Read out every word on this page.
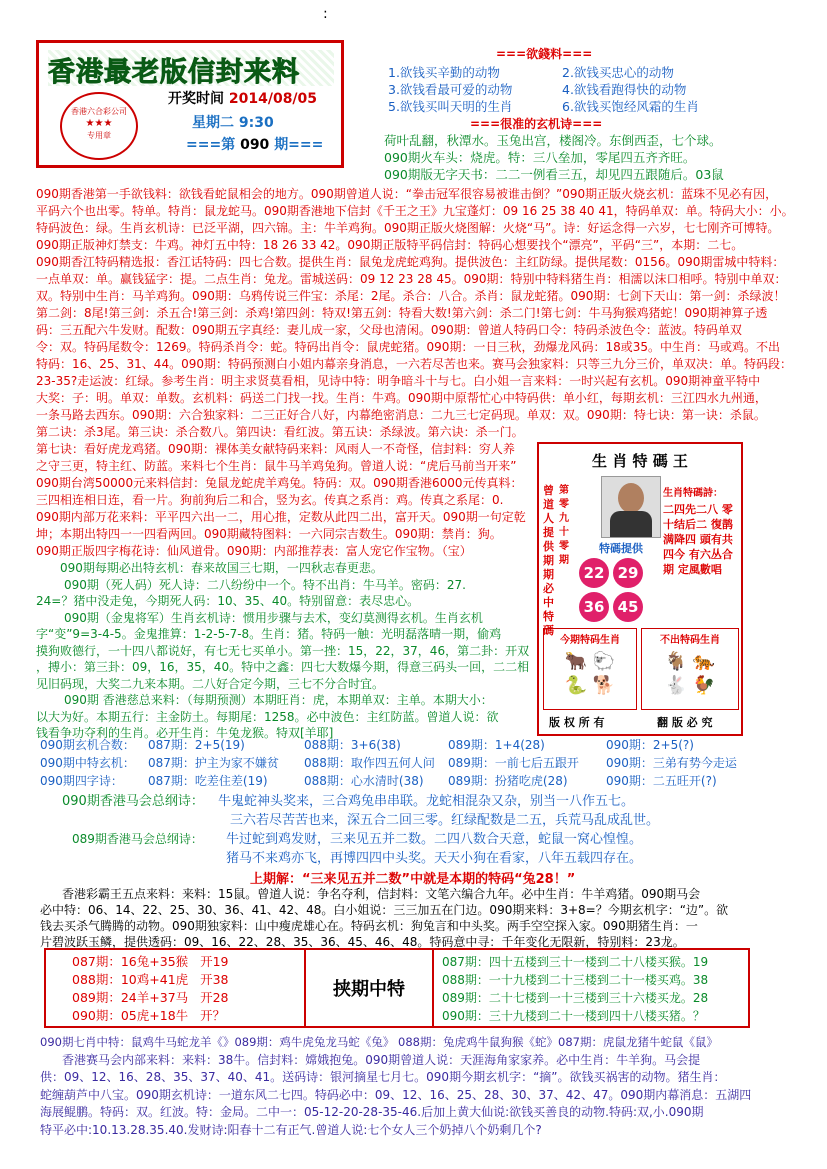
:
香港最老版信封来料
香港六合彩公司
★★★
专用章
开奖时间 2014/08/05
星期二 9:30
===第 090 期===
===欲錢料===
1.欲钱买辛勤的动物	2.欲钱买忠心的动物
3.欲钱看最可爱的动物	4.欲钱看跑得快的动物
5.欲钱买叫天明的生肖	6.欲钱买饱经风霜的生肖
===很准的玄机诗===
荷叶乱翻，秋潭水。玉兔出宫，楼阁冷。东倒西歪，七个球。
090期火车头：烧虎。特：三八垒加，零尾四五齐齐旺。
090期版无字天书：二二一例看三五，却见四五跟随后。03鼠
090期香港第一手欲钱料：欲钱看蛇鼠相会的地方。090期曾道人说：“拳击冠军很容易被谁击倒？”090期正版火烧玄机：蓝珠不见必有因，
平码六个也出零。特单。特肖：鼠龙蛇马。090期香港地下信封《千王之王》九宝蓬灯：09 16 25 38 40 41，特码单双：单。特码大小：小。
特码波色：绿。生肖玄机诗：已泛平湖，四六锦。主：牛羊鸡狗。090期正版火烧图解：火烧“马”。诗：好运念得一六岁，七七刚齐可博特。
090期正版神灯禁支：牛鸡。神灯五中特：18 26 33 42。090期正版特平码信封：特码心想要找个“漂亮”，平码“三”，本期：二七。
090期香江特码精选报：香江话特码：四七合数。提供生肖：鼠兔龙虎蛇鸡狗。提供波色：主红防绿。提供尾数：0156。090期雷城中特料：
一点单双：单。赢钱猛字：提。二点生肖：兔龙。雷城送码：09 12 23 28 45。090期：特别中特料猪生肖：相濡以沫口相呼。特别中单双：
双。特别中生肖：马羊鸡狗。090期：乌鸦传说三件宝：杀尾：2尾。杀合：八合。杀肖：鼠龙蛇猪。090期：七剑下天山：第一剑：杀绿波！
第二剑：8尾!第三剑：杀五合!第三剑：杀鸡!第四剑：特双!第五剑：特看大数!第六剑：杀二门!第七剑：牛马狗猴鸡猪蛇！090期神算子透
码：三五配六牛发财。配数：090期五字真经：妻儿成一家，父母也清闲。090期：曾道人特码口令：特码杀波色令：蓝波。特码单双
令：双。特码尾数令：1269。特码杀肖令：蛇。特码出肖令：鼠虎蛇猪。090期：一日三秋，劲爆龙风码：18或35。中生肖：马或鸡。不出
特码：16、25、31、44。090期：特码预测白小姐内幕亲身消息，一六若尽苦也来。赛马会独家料：只等三九分三价，单双决：单。特码段：
23-35?走运波：红绿。参考生肖：明主求贤莫看相，见诗中特：明争暗斗十与七。白小姐一言来料：一时兴起有玄机。090期神童平特中
大奖：子：明。单双：单数。玄机料：码送二门找一找。生肖：牛鸡。090期中原帮忙心中特码供：单小红，每期玄机：三江四水九州通，
一条马路去西东。090期：六合独家料：二三正好合八好，内幕绝密消息：二九三七定码现。单双：双。090期：特七诀：第一诀：杀鼠。
第二诀：杀3尾。第三诀：杀合数八。第四诀：看红波。第五诀：杀绿波。第六诀：杀一门。
第七诀：看好虎龙鸡猪。090期：裸体美女献特码来料：风雨人一不奇怪，信封料：穷人养
之守三更，特主红、防蓝。来料七个生肖：鼠牛马羊鸡兔狗。曾道人说：“虎后马前当开来”
090期台湾50000元来料信封：兔鼠龙蛇虎羊鸡兔。特码：双。090期香港6000元传真料：
三四相连相日连，看一片。狗前狗后二和合，竖为玄。传真之系肖：鸡。传真之系尾：0.
090期内部万花来料：平平四六出一二，用心推，定数从此四二出，富开天。090期一句定乾
坤；本期出特四一一四看两回。090期藏特图料：一六同宗吉数生。090期：禁肖：狗。
090期正版四字梅花诗：仙风道骨。090期：内部推荐表：富人宠它作宝物。（宝）
090期每期必出特玄机：春来故国三七期，一四秋志春更悲。
090期（死人码）死人诗：二八纷纷中一个。特不出肖：牛马羊。密码：27.
24=？猪中没走兔，今期死人码：10、35、40。特别留意：表尽忠心。
090期（金鬼将军）生肖玄机诗：惯用步骤与去术，变幻莫测得玄机。生肖玄机
字“变”9=3-4-5。金鬼推算：1-2-5-7-8。生肖：猪。特码一触：光明磊落晴一期，偷鸡
摸狗败德行，一十四八都说好，有七无七买单小。第一挫：15，22，37，46，第二卦：开双
，搏小：第三卦：09，16，35，40。特中之鑫：四七大数爆今期，得意三码头一回，二二相
见旧码现，大奖二九来本期。二八好合定今期，三七不分合时宜。
090期 香港慈总来料：（每期预测）本期旺肖：虎，本期单双：主单。本期大小：
以大为好。本期五行：主金防土。每期尾：1258。必中波色：主红防蓝。曾道人说：欲
钱看争功夺利的生肖。必开生肖：牛兔龙猴。特双[羊耶]
生 肖 特 碼 王
曾道人提供期期必中特碼
第零九十零期
特碼提供
22 29
36 45
生肖特碼詩：
二四先二八 零十结后二 復鹊满降四 頭有共四今 有六丛合期 定風數唱
今期特码生肖
🐂 🐑
🐍 🐕
不出特码生肖
🐐 🐅
🐇 🐓
版 权 所 有	翻 版 必 究
090期玄机合数： 087期：2+5(19)	088期：3+6(38)	089期：1+4(28)	090期：2+5(?)
090期中特玄机： 087期：护主为家不嫌贫 088期：取作四五何人问 089期：一前七后五跟开 090期：三弟有势今走运
090期四字诗： 087期：吃差住差(19)	088期：心水清时(38) 089期：扮猪吃虎(28)	090期：二五旺开(?)
090期香港马会总纲诗： 牛鬼蛇神头奖来，三合鸡兔串串联。龙蛇相混杂又杂，别当一八作五七。
三六若尽苦苦也来，深五合二回三零。红绿配数是二五，兵荒马乱成乱世。
089期香港马会总纲诗： 牛过蛇到鸡发财，三来见五并二数。二四八数合天意，蛇鼠一窝心惶惶。
猪马不来鸡亦飞，再博四四中头奖。天天小狗在看家，八年五载四存在。
上期解：“三来见五并二数”中就是本期的特码“兔28！”
香港彩霸王五点来料：来料：15鼠。曾道人说：争名夺利，信封料：文笔六编合九年。必中生肖：牛羊鸡猪。090期马会
必中特：06、14、22、25、30、36、41、42、48。白小姐说：三三加五在门边。090期来料：3+8=？今期玄机字：“边”。欲
钱去买杀气腾腾的动物。090期独家料：山中瘦虎雄心在。特码玄机：狗兔言和中头奖。两手空空探入家。090期猪生肖：一
片碧波跃玉鳞，提供透码：09、16、22、28、35、36、45、46、48。特码意中寻：千年变化无限新，特别料：23龙。
087期：16兔+35猴 开19
088期：10鸡+41虎 开38
089期：24羊+37马 开28
090期：05虎+18牛 开？
挟期中特
087期：四十五楼到三十一楼到二十八楼买猴。19
088期：一十九楼到二十三楼到二十一楼买鸡。38
089期：二十七楼到一十三楼到三十六楼买龙。28
090期：三十九楼到二十一楼到四十八楼买猪。？
090期七肖中特：鼠鸡牛马蛇龙羊《》089期：鸡牛虎兔龙马蛇《兔》 088期：兔虎鸡牛鼠狗猴《蛇》087期：虎鼠龙猪牛蛇鼠《鼠》
香港赛马会内部来料：来料：38牛。信封料：嫦娥抱兔。090期曾道人说：天涯海角家家养。必中生肖：牛羊狗。马会提
供：09、12、16、28、35、37、40、41。送码诗：银河摘星七月七。090期今期玄机字：“摘”。欲钱买祸害的动物。猪生肖：
蛇缠葫芦中八宝。090期玄机诗：一道东风二七四。特码必中：09、12、16、25、28、30、37、42、47。090期内幕消息：五湖四
海展鲲鹏。特码：双。红波。特：金局。二中一：05-12-20-28-35-46.后加上黄大仙说:欲钱买善良的动物.特码:双,小.090期
特平必中:10.13.28.35.40.发财诗:阳春十二有正气.曾道人说:七个女人三个奶掉八个奶剩几个?
